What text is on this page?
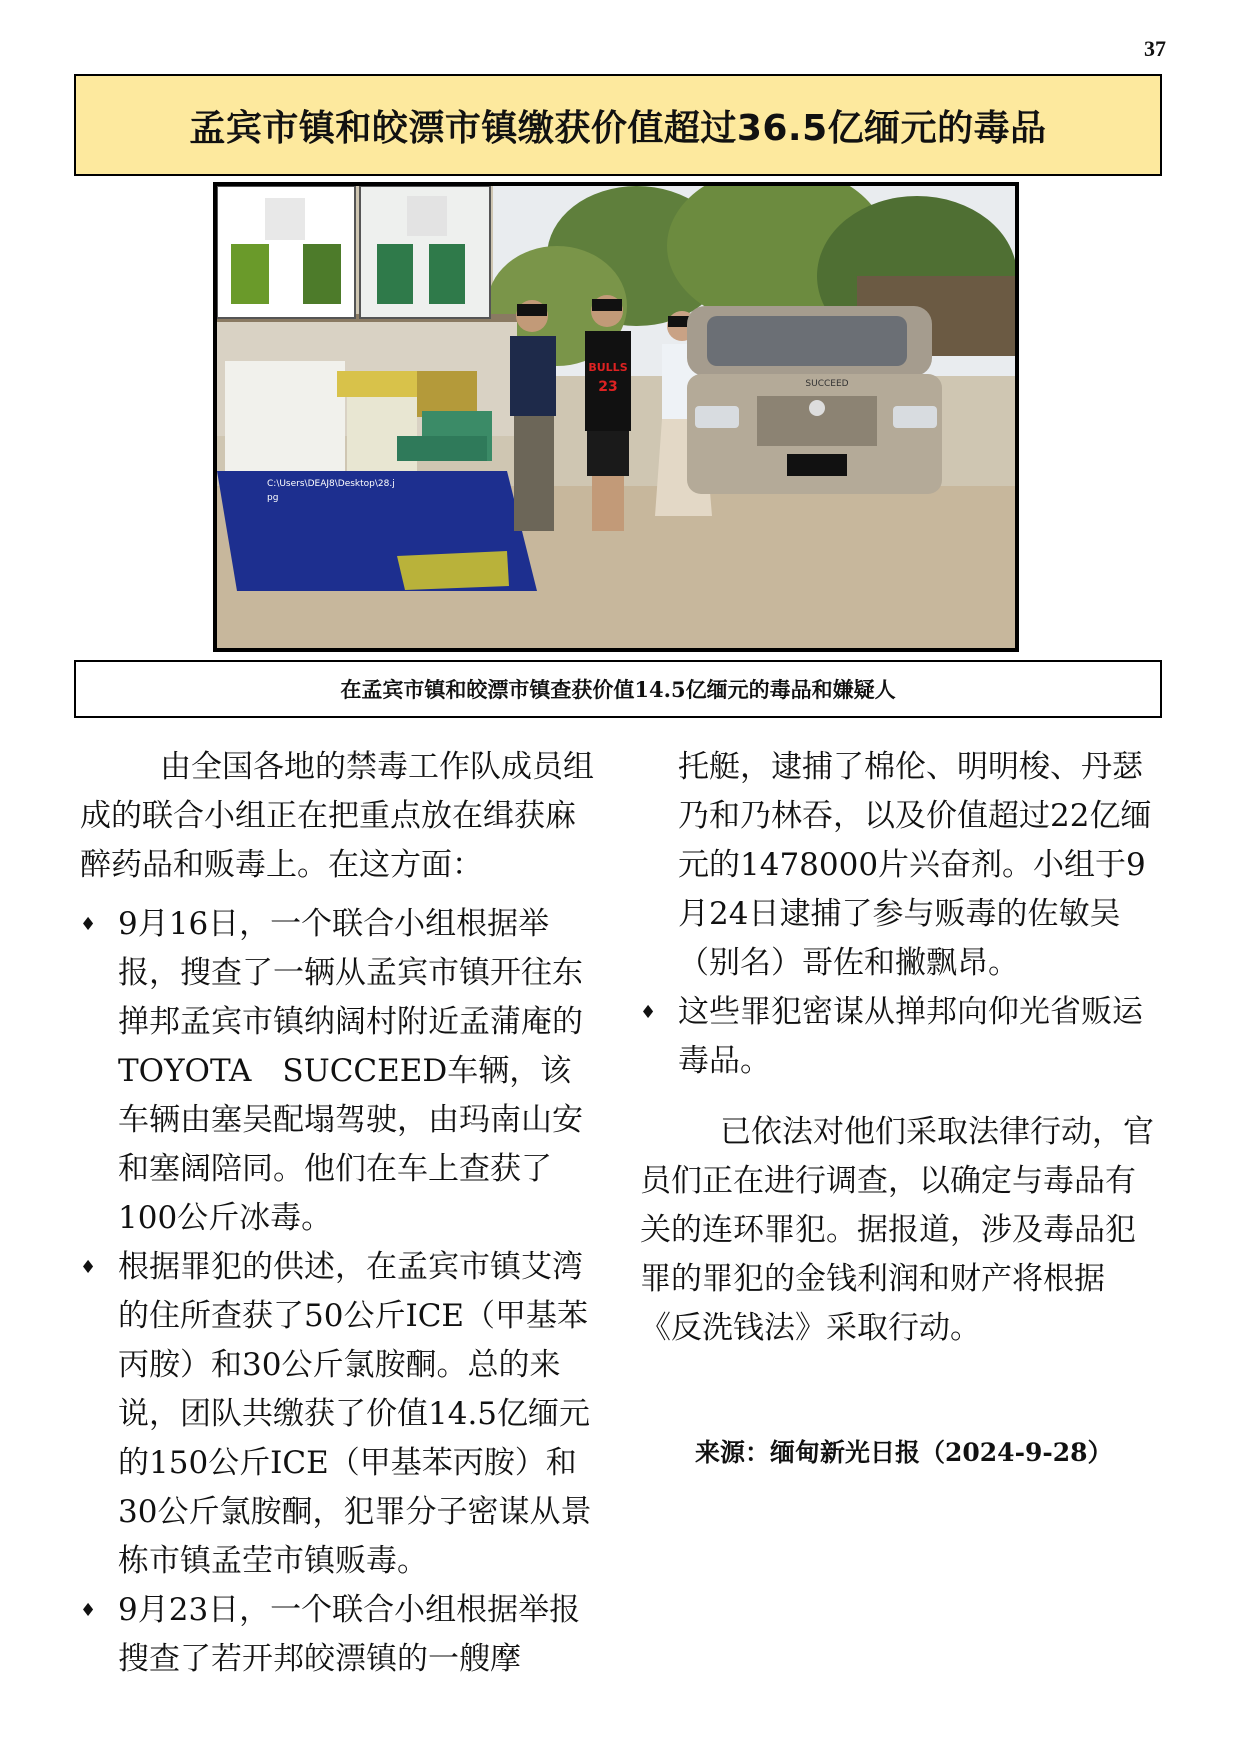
37
孟宾市镇和皎漂市镇缴获价值超过36.5亿缅元的毒品
C:\Users\DEAJ8\Desktop\28.j
pg
BULLS
23	SUCCEED
在孟宾市镇和皎漂市镇查获价值14.5亿缅元的毒品和嫌疑人

由全国各地的禁毒工作队成员组成的联合小组正在把重点放在缉获麻醉药品和贩毒上。在这方面：

♦ 9月16日，一个联合小组根据举报，搜查了一辆从孟宾市镇开往东掸邦孟宾市镇纳阔村附近孟蒲庵的TOYOTA　SUCCEED车辆，该车辆由塞吴配塌驾驶，由玛南山安和塞阔陪同。他们在车上查获了100公斤冰毒。

♦ 根据罪犯的供述，在孟宾市镇艾湾的住所查获了50公斤ICE（甲基苯丙胺）和30公斤氯胺酮。总的来说，团队共缴获了价值14.5亿缅元的150公斤ICE（甲基苯丙胺）和30公斤氯胺酮，犯罪分子密谋从景栋市镇孟茔市镇贩毒。

♦ 9月23日，一个联合小组根据举报搜查了若开邦皎漂镇的一艘摩

托艇，逮捕了棉伦、明明梭、丹瑟乃和乃林吞，以及价值超过22亿缅元的1478000片兴奋剂。小组于9月24日逮捕了参与贩毒的佐敏吴（别名）哥佐和撇飘昂。

♦ 这些罪犯密谋从掸邦向仰光省贩运毒品。

已依法对他们采取法律行动，官员们正在进行调查，以确定与毒品有关的连环罪犯。据报道，涉及毒品犯罪的罪犯的金钱利润和财产将根据《反洗钱法》采取行动。

来源：缅甸新光日报（2024-9-28）
